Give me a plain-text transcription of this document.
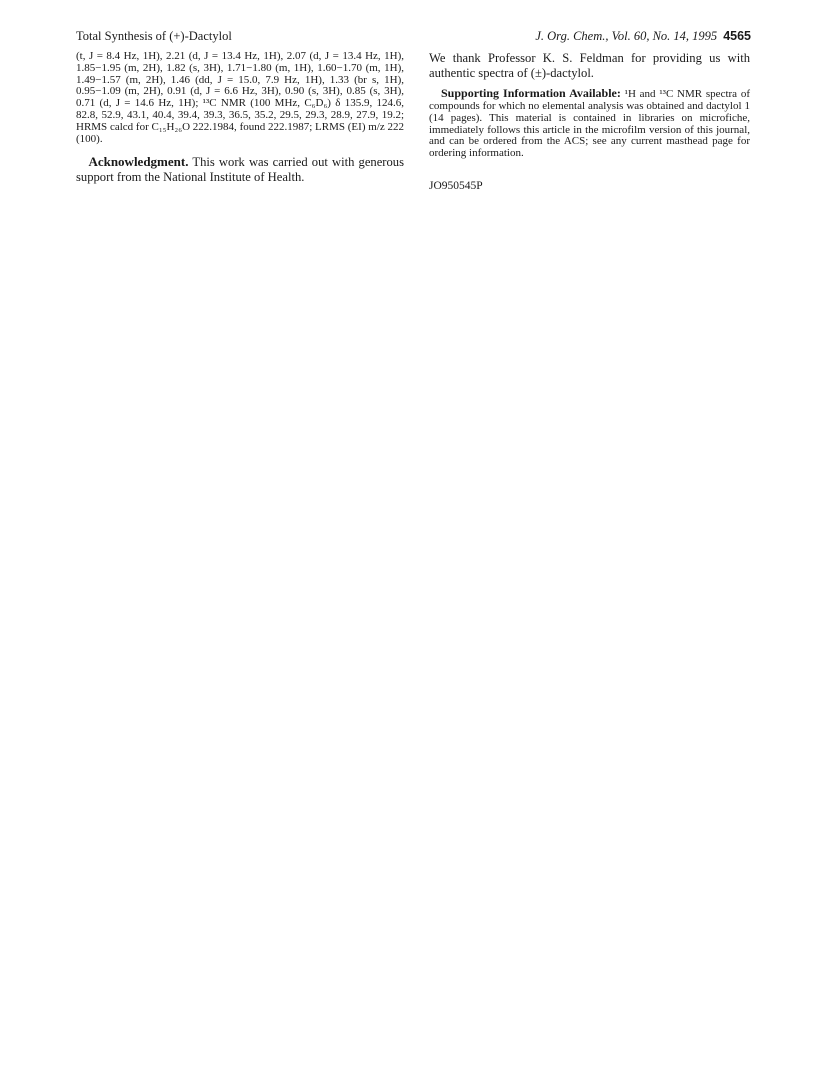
Total Synthesis of (+)-Dactylol	J. Org. Chem., Vol. 60, No. 14, 1995 4565

(t, J = 8.4 Hz, 1H), 2.21 (d, J = 13.4 Hz, 1H), 2.07 (d, J = 13.4 Hz, 1H), 1.85−1.95 (m, 2H), 1.82 (s, 3H), 1.71−1.80 (m, 1H), 1.60−1.70 (m, 1H), 1.49−1.57 (m, 2H), 1.46 (dd, J = 15.0, 7.9 Hz, 1H), 1.33 (br s, 1H), 0.95−1.09 (m, 2H), 0.91 (d, J = 6.6 Hz, 3H), 0.90 (s, 3H), 0.85 (s, 3H), 0.71 (d, J = 14.6 Hz, 1H); ¹³C NMR (100 MHz, C₆D₆) δ 135.9, 124.6, 82.8, 52.9, 43.1, 40.4, 39.4, 39.3, 36.5, 35.2, 29.5, 29.3, 28.9, 27.9, 19.2; HRMS calcd for C₁₅H₂₆O 222.1984, found 222.1987; LRMS (EI) m/z 222 (100).

Acknowledgment. This work was carried out with generous support from the National Institute of Health.

We thank Professor K. S. Feldman for providing us with authentic spectra of (±)-dactylol.

Supporting Information Available: ¹H and ¹³C NMR spectra of compounds for which no elemental analysis was obtained and dactylol 1 (14 pages). This material is contained in libraries on microfiche, immediately follows this article in the microfilm version of this journal, and can be ordered from the ACS; see any current masthead page for ordering information.

JO950545P
